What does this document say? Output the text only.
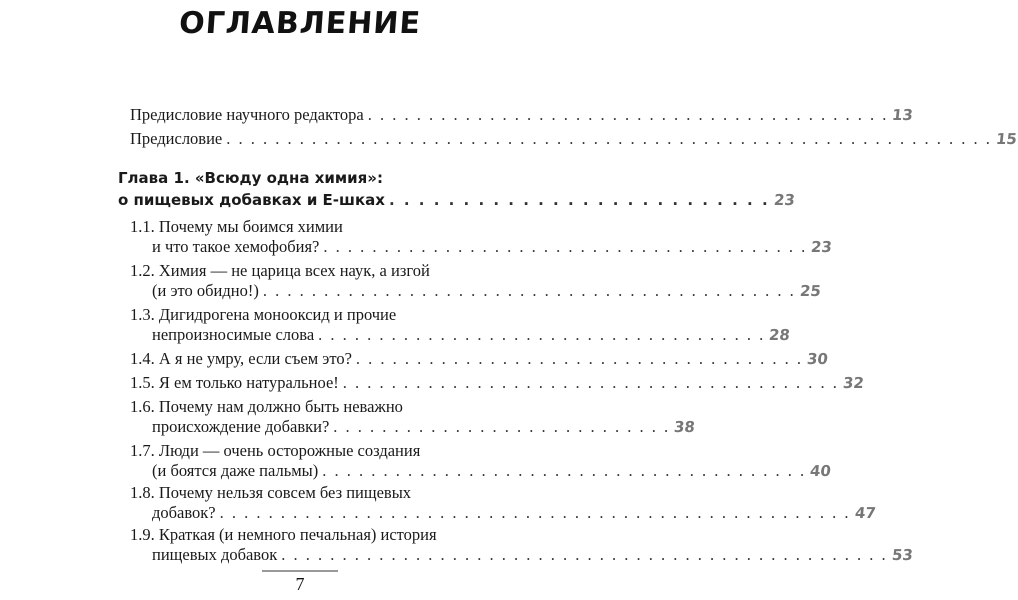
ОГЛАВЛЕНИЕ
Предисловие научного редактора . . . . . . . . . . . . . . . . . . . . . . . . . . . . . . . . . . . . . . . . . . . 13
Предисловие . . . . . . . . . . . . . . . . . . . . . . . . . . . . . . . . . . . . . . . . . . . . . . . . . . . . . . . . . . . . . . . 15
Глава 1. «Всюду одна химия»:
о пищевых добавках и Е-шках . . . . . . . . . . . . . . . . . . . . . . . . . . 23
1.1. Почему мы боимся химии
и что такое хемофобия? . . . . . . . . . . . . . . . . . . . . . . . . . . . . . . . . . . . . . . . . 23
1.2. Химия — не царица всех наук, а изгой
(и это обидно!) . . . . . . . . . . . . . . . . . . . . . . . . . . . . . . . . . . . . . . . . . . . . 25
1.3. Дигидрогена монооксид и прочие
непроизносимые слова . . . . . . . . . . . . . . . . . . . . . . . . . . . . . . . . . . . . . 28
1.4. А я не умру, если съем это? . . . . . . . . . . . . . . . . . . . . . . . . . . . . . . . . . . . . . 30
1.5. Я ем только натуральное! . . . . . . . . . . . . . . . . . . . . . . . . . . . . . . . . . . . . . . . . . 32
1.6. Почему нам должно быть неважно
происхождение добавки? . . . . . . . . . . . . . . . . . . . . . . . . . . . . 38
1.7. Люди — очень осторожные создания
(и боятся даже пальмы) . . . . . . . . . . . . . . . . . . . . . . . . . . . . . . . . . . . . . . . . 40
1.8. Почему нельзя совсем без пищевых
добавок? . . . . . . . . . . . . . . . . . . . . . . . . . . . . . . . . . . . . . . . . . . . . . . . . . . . . 47
1.9. Краткая (и немного печальная) история
пищевых добавок . . . . . . . . . . . . . . . . . . . . . . . . . . . . . . . . . . . . . . . . . . . . . . . . . . 53
7
